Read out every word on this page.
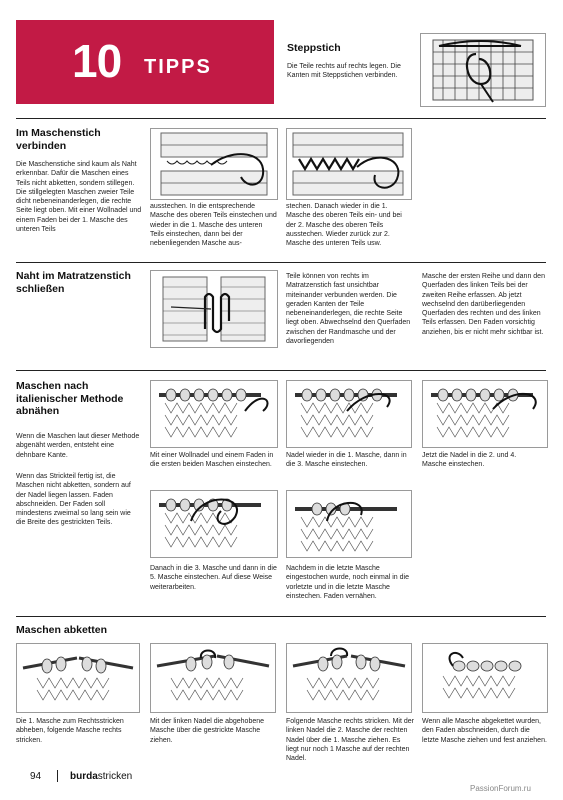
10 TIPPS
Steppstich
Die Teile rechts auf rechts legen. Die Kanten mit Steppstichen verbinden.
Im Maschenstich verbinden
Die Maschenstiche sind kaum als Naht erkennbar. Dafür die Maschen eines Teils nicht abketten, sondern stillegen. Die stillgelegten Maschen zweier Teile dicht nebeneinanderlegen, die rechte Seite liegt oben. Mit einer Wollnadel und einem Faden bei der 1. Masche des unteren Teils
ausstechen. In die entsprechende Masche des oberen Teils einstechen und wieder in die 1. Masche des unteren Teils einstechen, dann bei der nebenliegenden Masche aus-
stechen. Danach wieder in die 1. Masche des oberen Teils ein- und bei der 2. Masche des oberen Teils ausstechen. Wieder zurück zur 2. Masche des unteren Teils usw.
Naht im Matratzenstich schließen
Teile können von rechts im Matratzenstich fast unsichtbar miteinander verbunden werden. Die geraden Kanten der Teile nebeneinanderlegen, die rechte Seite liegt oben. Abwechselnd den Querfaden zwischen der Randmasche und der davorliegenden
Masche der ersten Reihe und dann den Querfaden des linken Teils bei der zweiten Reihe erfassen. Ab jetzt wechselnd den darüberliegenden Querfaden des rechten und des linken Teils erfassen. Den Faden vorsichtig anziehen, bis er nicht mehr sichtbar ist.
Maschen nach italienischer Methode abnähen
Wenn die Maschen laut dieser Methode abgenäht werden, entsteht eine dehnbare Kante.
Wenn das Strickteil fertig ist, die Maschen nicht abketten, sondern auf der Nadel liegen lassen. Faden abschneiden. Der Faden soll mindestens zweimal so lang sein wie die Breite des gestrickten Teils.
Mit einer Wollnadel und einem Faden in die ersten beiden Maschen einstechen.
Nadel wieder in die 1. Masche, dann in die 3. Masche einstechen.
Jetzt die Nadel in die 2. und 4. Masche einstechen.
Danach in die 3. Masche und dann in die 5. Masche einstechen. Auf diese Weise weiterarbeiten.
Nachdem in die letzte Masche eingestochen wurde, noch einmal in die vorletzte und in die letzte Masche einstechen. Faden vernähen.
Maschen abketten
Die 1. Masche zum Rechtsstricken abheben, folgende Masche rechts stricken.
Mit der linken Nadel die abgehobene Masche über die gestrickte Masche ziehen.
Folgende Masche rechts stricken. Mit der linken Nadel die 2. Masche der rechten Nadel über die 1. Masche ziehen. Es liegt nur noch 1 Masche auf der rechten Nadel.
Wenn alle Masche abgekettet wurden, den Faden abschneiden, durch die letzte Masche ziehen und fest anziehen.
94	burdastricken
PassionForum.ru
